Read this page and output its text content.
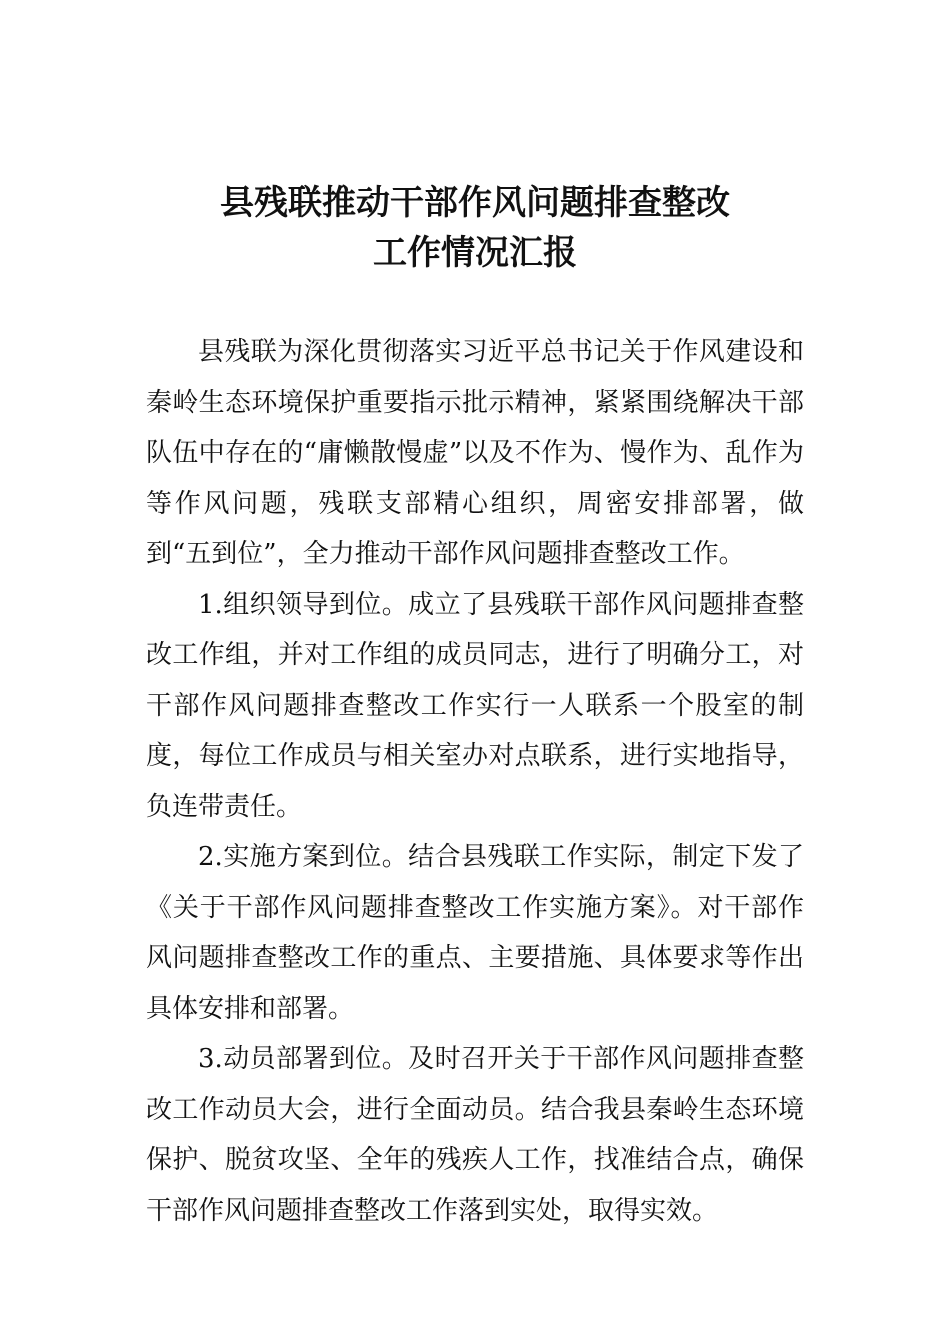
县残联推动干部作风问题排查整改
工作情况汇报

县残联为深化贯彻落实习近平总书记关于作风建设和秦岭生态环境保护重要指示批示精神，紧紧围绕解决干部队伍中存在的“庸懒散慢虚”以及不作为、慢作为、乱作为等作风问题，残联支部精心组织，周密安排部署，做到“五到位”，全力推动干部作风问题排查整改工作。

1.组织领导到位。成立了县残联干部作风问题排查整改工作组，并对工作组的成员同志，进行了明确分工，对干部作风问题排查整改工作实行一人联系一个股室的制度，每位工作成员与相关室办对点联系，进行实地指导，负连带责任。

2.实施方案到位。结合县残联工作实际，制定下发了《关于干部作风问题排查整改工作实施方案》。对干部作风问题排查整改工作的重点、主要措施、具体要求等作出具体安排和部署。

3.动员部署到位。及时召开关于干部作风问题排查整改工作动员大会，进行全面动员。结合我县秦岭生态环境保护、脱贫攻坚、全年的残疾人工作，找准结合点，确保干部作风问题排查整改工作落到实处，取得实效。
